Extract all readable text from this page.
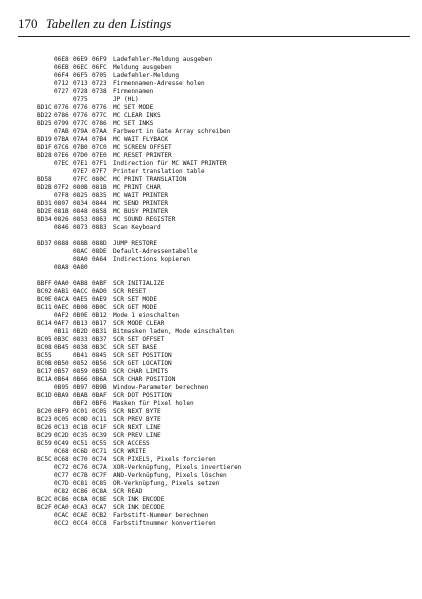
170 Tabellen zu den Listings
06E8 06E9 06F9 Ladefehler-Meldung ausgeben
06EB 06EC 06FC Meldung ausgeben
06F4 06F5 0705 Ladefehler-Meldung
0712 0713 0723 Firmennamen-Adresse holen
0727 0728 0738 Firmennamen
0775	JP (HL)
BD1C 0776 0776 0776 MC SET MODE
BD22 0786 0776 077C MC CLEAR INKS
BD25 0799 077C 0786 MC SET INKS
07AB 079A 07AA Farbwert in Gate Array schreiben
BD19 07BA 07A4 07B4 MC WAIT FLYBACK
BD1F 07C6 07B0 07C0 MC SCREEN OFFSET
BD28 07E6 07D0 07E0 MC RESET PRINTER
07EC 07E1 07F1 Indirection für MC WAIT PRINTER
07E7 07F7 Printer translation table
BD58	07FC 080C MC PRINT TRANSLATION
BD2B 07F2 080B 081B MC PRINT CHAR
07F8 0825 0835 MC WAIT PRINTER
BD31 0807 0834 0844 MC SEND PRINTER
BD2E 081B 0848 0858 MC BUSY PRINTER
BD34 0826 0853 0863 MC SOUND REGISTER
0846 0873 0883 Scan Keyboard
BD37 0888 088B 088D JUMP RESTORE
08AC 08DE Default-Adressentabelle
08A0 0A64 Indirections kopieren
08A8 0A80
BBFF 0AA0 0AB8 0ABF SCR INITIALIZE
BC02 0AB1 0ACC 0AD0 SCR RESET
BC0E 0ACA 0AE5 0AE9 SCR SET MODE
BC11 0AEC 0B08 0B0C SCR GET MODE
0AF2 0B0E 0B12 Mode 1 einschalten
BC14 0AF7 0B13 0B17 SCR MODE CLEAR
0B11 0B2D 0B31 Bitmasken laden, Mode einschalten
BC05 0B3C 0833 0B37 SCR SET OFFSET
BC08 0B45 0838 0B3C SCR SET BASE
BC55	0B41 0845 SCR SET POSITION
BC0B 0B50 0852 0B56 SCR GET LOCATION
BC17 0B57 0859 0B5D SCR CHAR LIMITS
BC1A 0B64 0B66 0B6A SCR CHAR POSITION
0B95 0B97 0B9B Window-Parameter berechnen
BC1D 0BA9 0BAB 0BAF SCR DOT POSITION
0BF2 0BF6 Masken für Pixel holen
BC20 0BF9 0C01 0C05 SCR NEXT BYTE
BC23 0C05 0C0D 0C11 SCR PREV BYTE
BC26 0C13 0C1B 0C1F SCR NEXT LINE
BC29 0C2D 0C35 0C39 SCR PREV LINE
BC59 0C49 0C51 0C55 SCR ACCESS
0C68 0C6D 0C71 SCR WRITE
BC5C 0C68 0C70 0C74 SCR PIXELS, Pixels forcieren
0C72 0C76 0C7A XOR-Verknüpfung, Pixels invertieren
0C77 0C7B 0C7F AND-Verknüpfung, Pixels löschen
0C7D 0C81 0C85 OR-Verknüpfung, Pixels setzen
0C82 0C86 0C8A SCR READ
BC2C 0C86 0C8A 0C8E SCR INK ENCODE
BC2F 0CA0 0CA3 0CA7 SCR INK DECODE
0CAC 0CAE 0CB2 Farbstift-Nummer berechnen
0CC2 0CC4 0CC8 Farbstiftnummer konvertieren
